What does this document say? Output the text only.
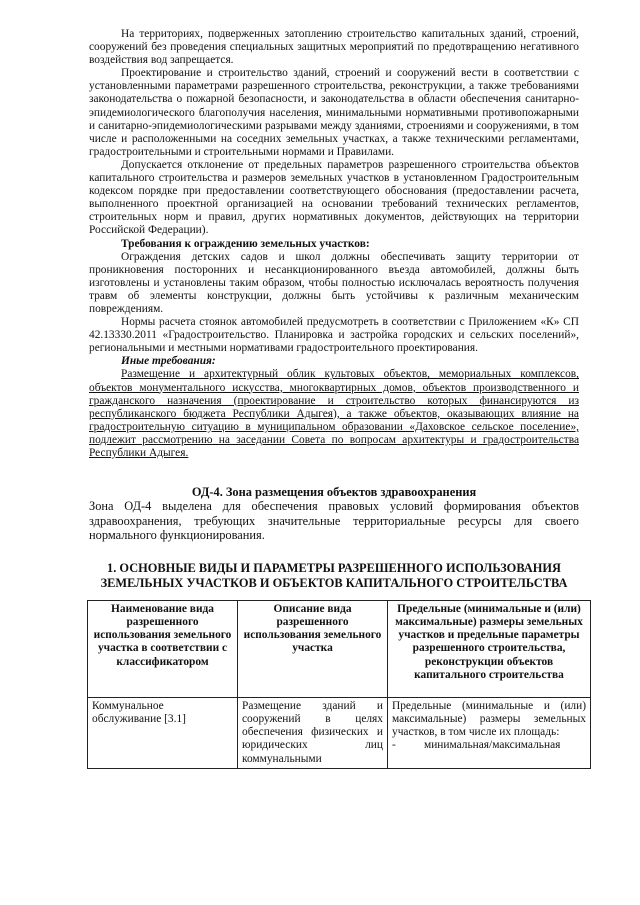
На территориях, подверженных затоплению строительство капитальных зданий, строений, сооружений без проведения специальных защитных мероприятий по предотвращению негативного воздействия вод запрещается.

Проектирование и строительство зданий, строений и сооружений вести в соответствии с установленными параметрами разрешенного строительства, реконструкции, а также требованиями законодательства о пожарной безопасности, и законодательства в области обеспечения санитарно-эпидемиологического благополучия населения, минимальными нормативными противопожарными и санитарно-эпидемиологическими разрывами между зданиями, строениями и сооружениями, в том числе и расположенными на соседних земельных участках, а также техническими регламентами, градостроительными и строительными нормами и Правилами.

Допускается отклонение от предельных параметров разрешенного строительства объектов капитального строительства и размеров земельных участков в установленном Градостроительным кодексом порядке при предоставлении соответствующего обоснования (предоставлении расчета, выполненного проектной организацией на основании требований технических регламентов, строительных норм и правил, других нормативных документов, действующих на территории Российской Федерации).

Требования к ограждению земельных участков:

Ограждения детских садов и школ должны обеспечивать защиту территории от проникновения посторонних и несанкционированного въезда автомобилей, должны быть изготовлены и установлены таким образом, чтобы полностью исключалась вероятность получения травм об элементы конструкции, должны быть устойчивы к различным механическим повреждениям.

Нормы расчета стоянок автомобилей предусмотреть в соответствии с Приложением «К» СП 42.13330.2011 «Градостроительство. Планировка и застройка городских и сельских поселений», региональными и местными нормативами градостроительного проектирования.

Иные требования:

Размещение и архитектурный облик культовых объектов, мемориальных комплексов, объектов монументального искусства, многоквартирных домов, объектов производственного и гражданского назначения (проектирование и строительство которых финансируются из республиканского бюджета Республики Адыгея), а также объектов, оказывающих влияние на градостроительную ситуацию в муниципальном образовании «Даховское сельское поселение», подлежит рассмотрению на заседании Совета по вопросам архитектуры и градостроительства Республики Адыгея.

ОД-4. Зона размещения объектов здравоохранения

Зона ОД-4 выделена для обеспечения правовых условий формирования объектов здравоохранения, требующих значительные территориальные ресурсы для своего нормального функционирования.

1. ОСНОВНЫЕ ВИДЫ И ПАРАМЕТРЫ РАЗРЕШЕННОГО ИСПОЛЬЗОВАНИЯ ЗЕМЕЛЬНЫХ УЧАСТКОВ И ОБЪЕКТОВ КАПИТАЛЬНОГО СТРОИТЕЛЬСТВА
Наименование вида разрешенного использования земельного участка в соответствии с классификатором	Описание вида разрешенного использования земельного участка	Предельные (минимальные и (или) максимальные) размеры земельных участков и предельные параметры разрешенного строительства, реконструкции объектов капитального строительства
Коммунальное обслуживание [3.1]	Размещение зданий и сооружений в целях обеспечения физических и юридических лиц коммунальными	Предельные (минимальные и (или) максимальные) размеры земельных участков, в том числе их площадь:
- минимальная/максимальная
